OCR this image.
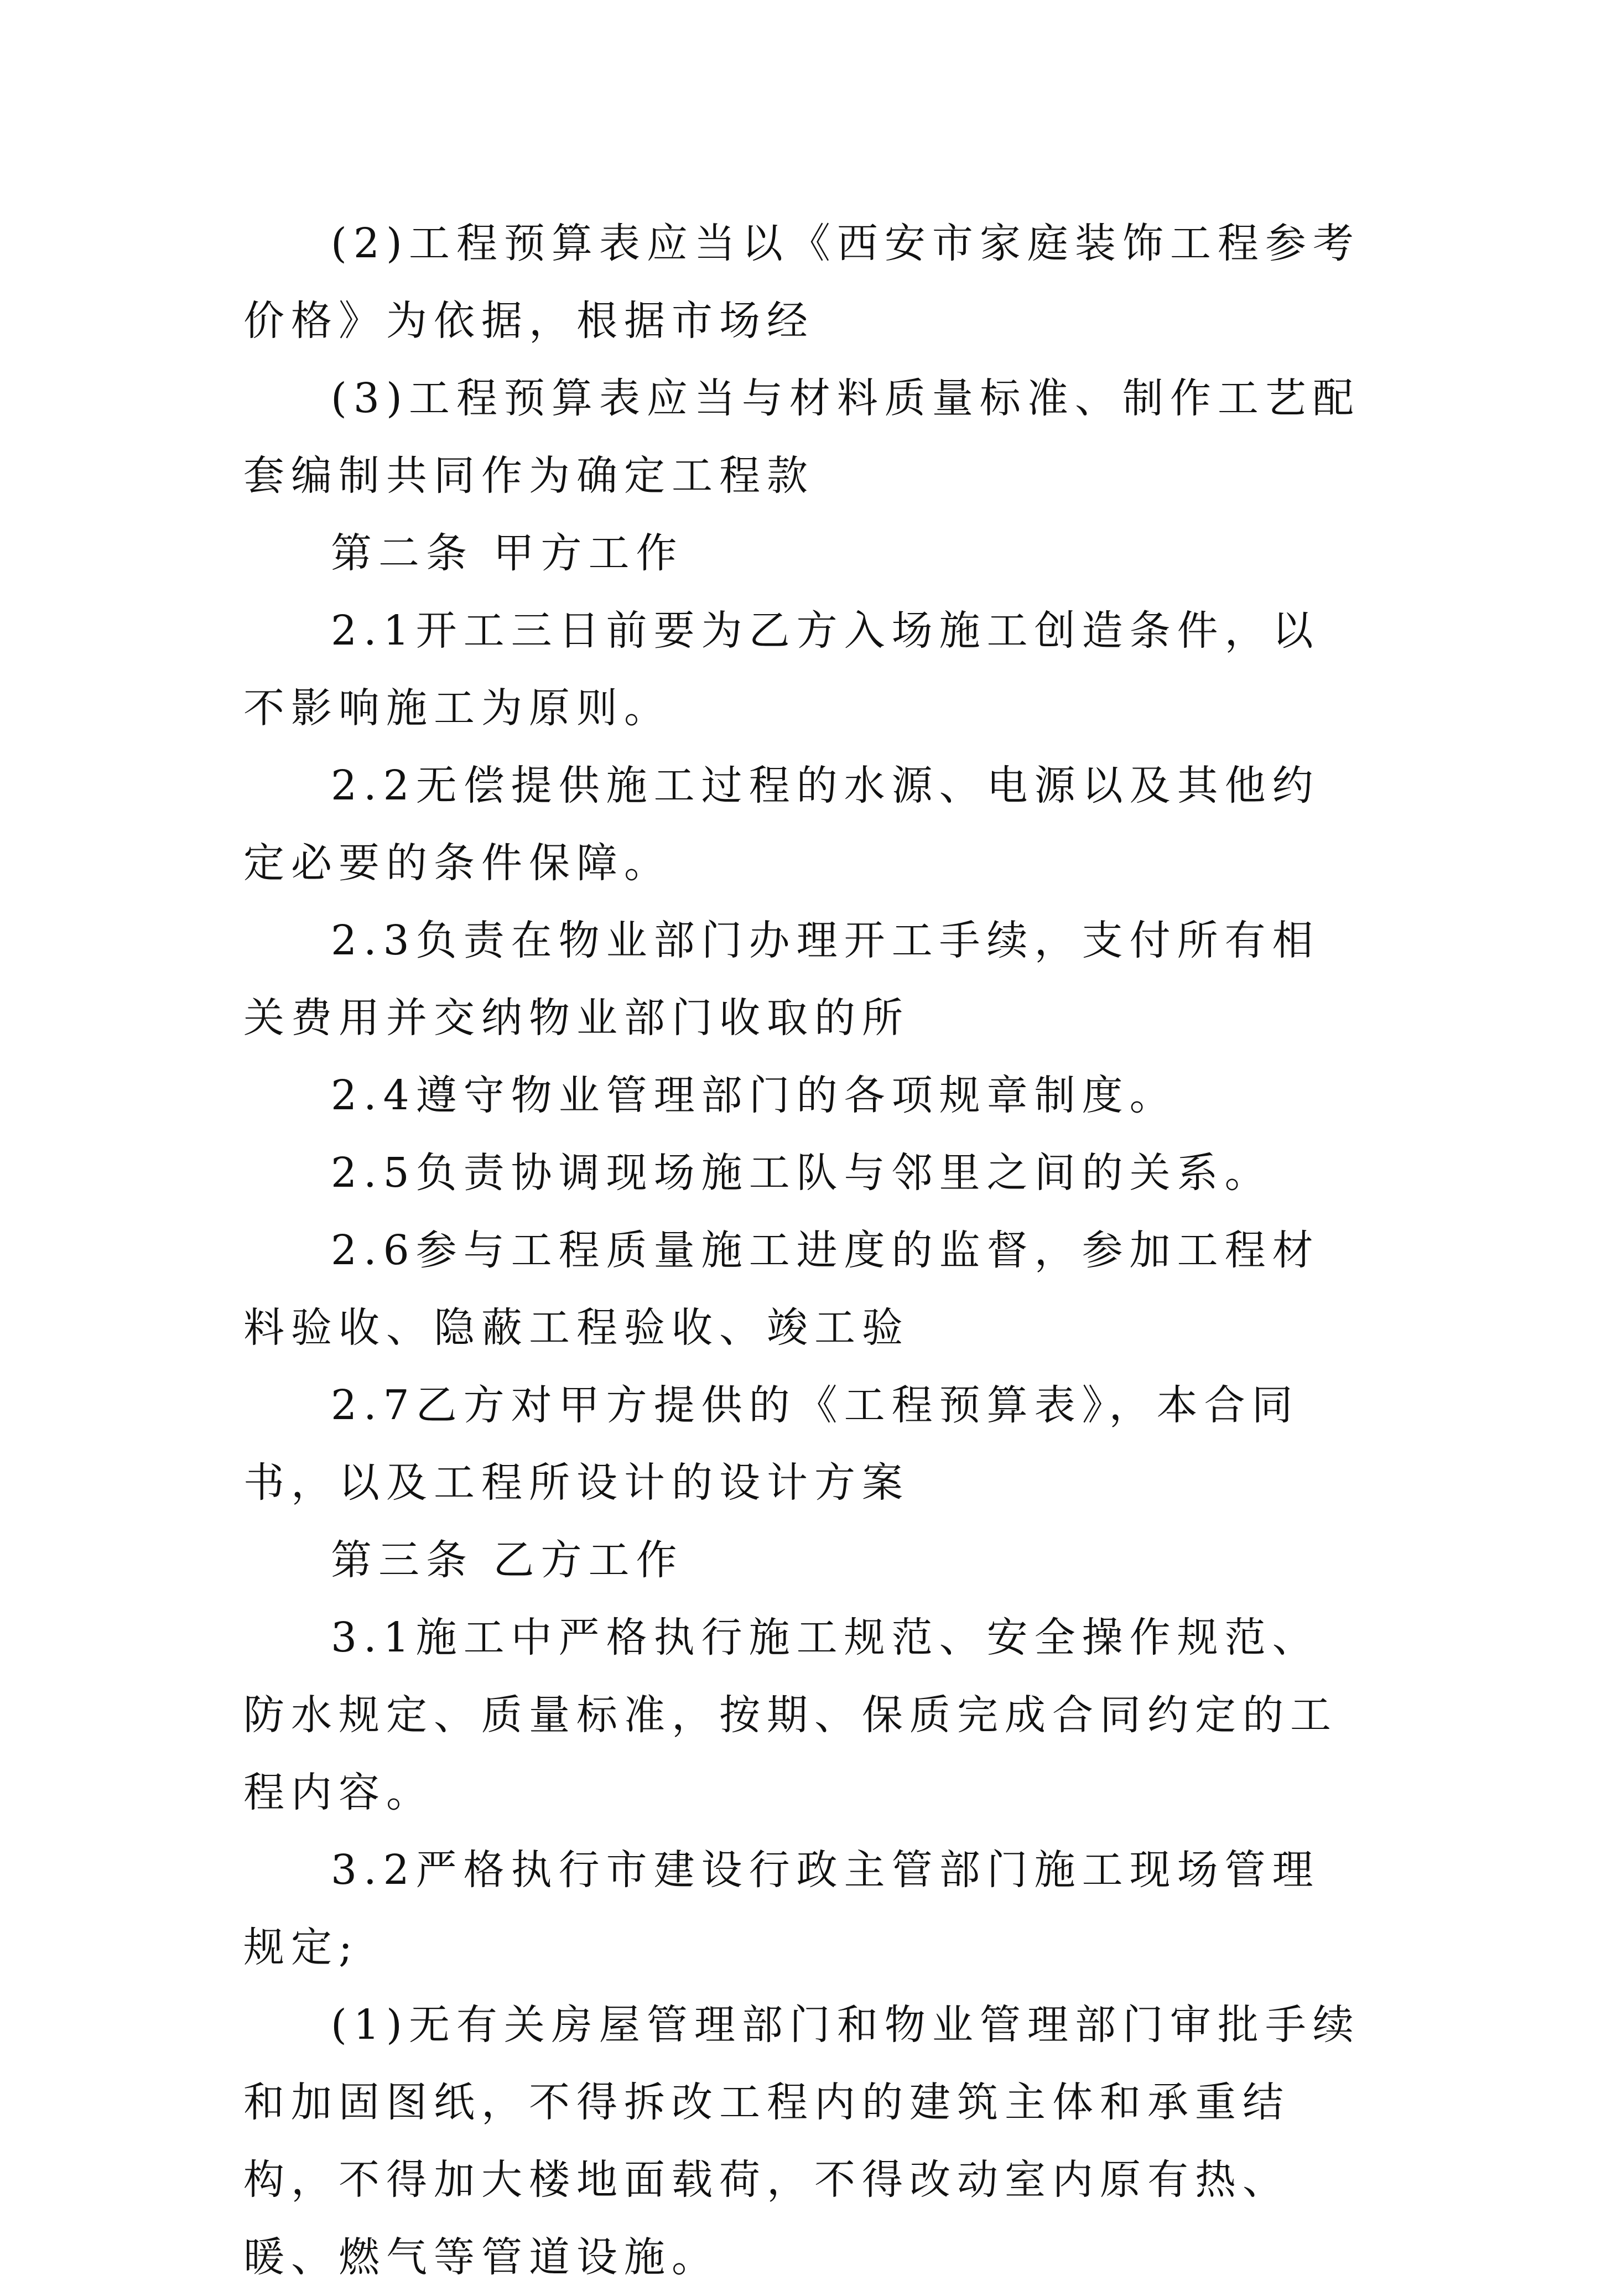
(2)工程预算表应当以《西安市家庭装饰工程参考价格》为依据，根据市场经

(3)工程预算表应当与材料质量标准、制作工艺配套编制共同作为确定工程款

第二条 甲方工作

2.1开工三日前要为乙方入场施工创造条件，以不影响施工为原则。

2.2无偿提供施工过程的水源、电源以及其他约定必要的条件保障。

2.3负责在物业部门办理开工手续，支付所有相关费用并交纳物业部门收取的所

2.4遵守物业管理部门的各项规章制度。

2.5负责协调现场施工队与邻里之间的关系。

2.6参与工程质量施工进度的监督，参加工程材料验收、隐蔽工程验收、竣工验

2.7乙方对甲方提供的《工程预算表》，本合同书，以及工程所设计的设计方案

第三条 乙方工作

3.1施工中严格执行施工规范、安全操作规范、防水规定、质量标准，按期、保质完成合同约定的工程内容。

3.2严格执行市建设行政主管部门施工现场管理规定;

(1)无有关房屋管理部门和物业管理部门审批手续和加固图纸，不得拆改工程内的建筑主体和承重结构，不得加大楼地面载荷，不得改动室内原有热、暖、燃气等管道设施。
